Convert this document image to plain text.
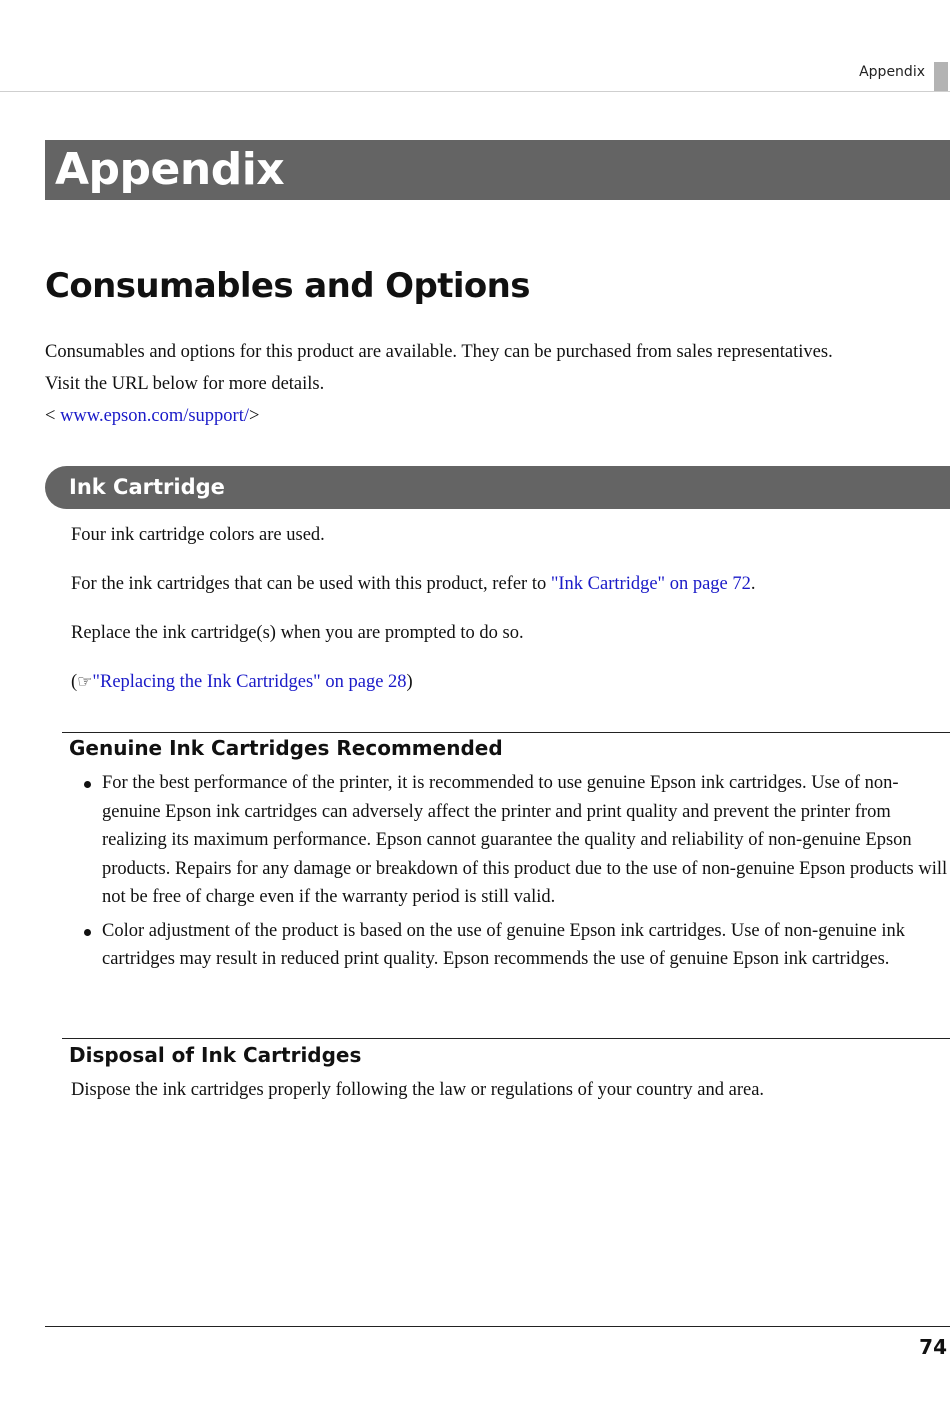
Appendix
Appendix
Consumables and Options

Consumables and options for this product are available. They can be purchased from sales representatives.

Visit the URL below for more details.

< www.epson.com/support/>

Ink Cartridge

Four ink cartridge colors are used.

For the ink cartridges that can be used with this product, refer to "Ink Cartridge" on page 72.

Replace the ink cartridge(s) when you are prompted to do so.

(☞"Replacing the Ink Cartridges" on page 28)

Genuine Ink Cartridges Recommended
For the best performance of the printer, it is recommended to use genuine Epson ink cartridges. Use of non-genuine Epson ink cartridges can adversely affect the printer and print quality and prevent the printer from realizing its maximum performance. Epson cannot guarantee the quality and reliability of non-genuine Epson products. Repairs for any damage or breakdown of this product due to the use of non-genuine Epson products will not be free of charge even if the warranty period is still valid.
Color adjustment of the product is based on the use of genuine Epson ink cartridges. Use of non-genuine ink cartridges may result in reduced print quality. Epson recommends the use of genuine Epson ink cartridges.
Disposal of Ink Cartridges

Dispose the ink cartridges properly following the law or regulations of your country and area.

74
